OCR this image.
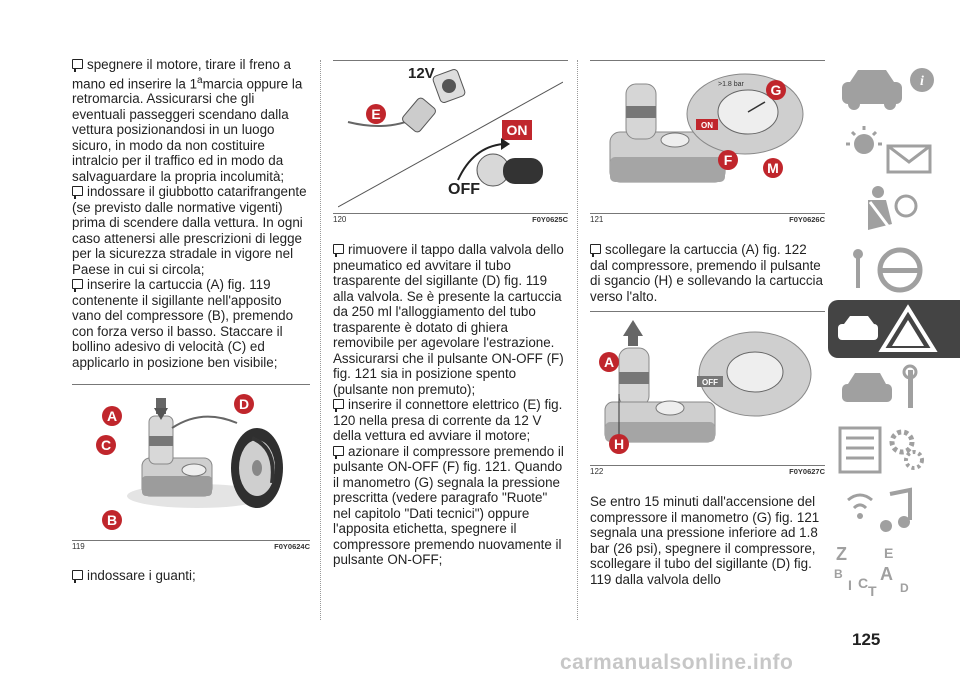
spegnere il motore, tirare il freno a mano ed inserire la 1$^a$marcia oppure la retromarcia. Assicurarsi che gli eventuali passeggeri scendano dalla vettura posizionandosi in un luogo sicuro, in modo da non costituire intralcio per il traffico ed in modo da salvaguardare la propria incolumità;
indossare il giubbotto catarifrangente (se previsto dalle normative vigenti) prima di scendere dalla vettura. In ogni caso attenersi alle prescrizioni di legge per la sicurezza stradale in vigore nel Paese in cui si circola;
inserire la cartuccia (A) fig. 119 contenente il sigillante nell'apposito vano del compressore (B), premendo con forza verso il basso. Staccare il bollino adesivo di velocità (C) ed applicarlo in posizione ben visibile;

A
C
D
B
119	F0Y0624C

indossare i guanti;

12V
E
ON
OFF
120	F0Y0625C

rimuovere il tappo dalla valvola dello pneumatico ed avvitare il tubo trasparente del sigillante (D) fig. 119 alla valvola. Se è presente la cartuccia da 250 ml l'alloggiamento del tubo trasparente è dotato di ghiera removibile per agevolare l'estrazione. Assicurarsi che il pulsante ON-OFF (F) fig. 121 sia in posizione spento (pulsante non premuto);
inserire il connettore elettrico (E) fig. 120 nella presa di corrente da 12 V della vettura ed avviare il motore;
azionare il compressore premendo il pulsante ON-OFF (F) fig. 121. Quando il manometro (G) segnala la pressione prescritta (vedere paragrafo "Ruote" nel capitolo "Dati tecnici") oppure l'apposita etichetta, spegnere il compressore premendo nuovamente il pulsante ON-OFF;

>1.8 bar
ON
G
F M
121	F0Y0626C

scollegare la cartuccia (A) fig. 122 dal compressore, premendo il pulsante di sgancio (H) e sollevando la cartuccia verso l'alto.

OFF
A
H
122	F0Y0627C

Se entro 15 minuti dall'accensione del compressore il manometro (G) fig. 121 segnala una pressione inferiore ad 1.8 bar (26 psi), spegnere il compressore, scollegare il tubo del sigillante (D) fig. 119 dalla valvola dello

i
Z	E
B A
I C T D
125
carmanualsonline.info
